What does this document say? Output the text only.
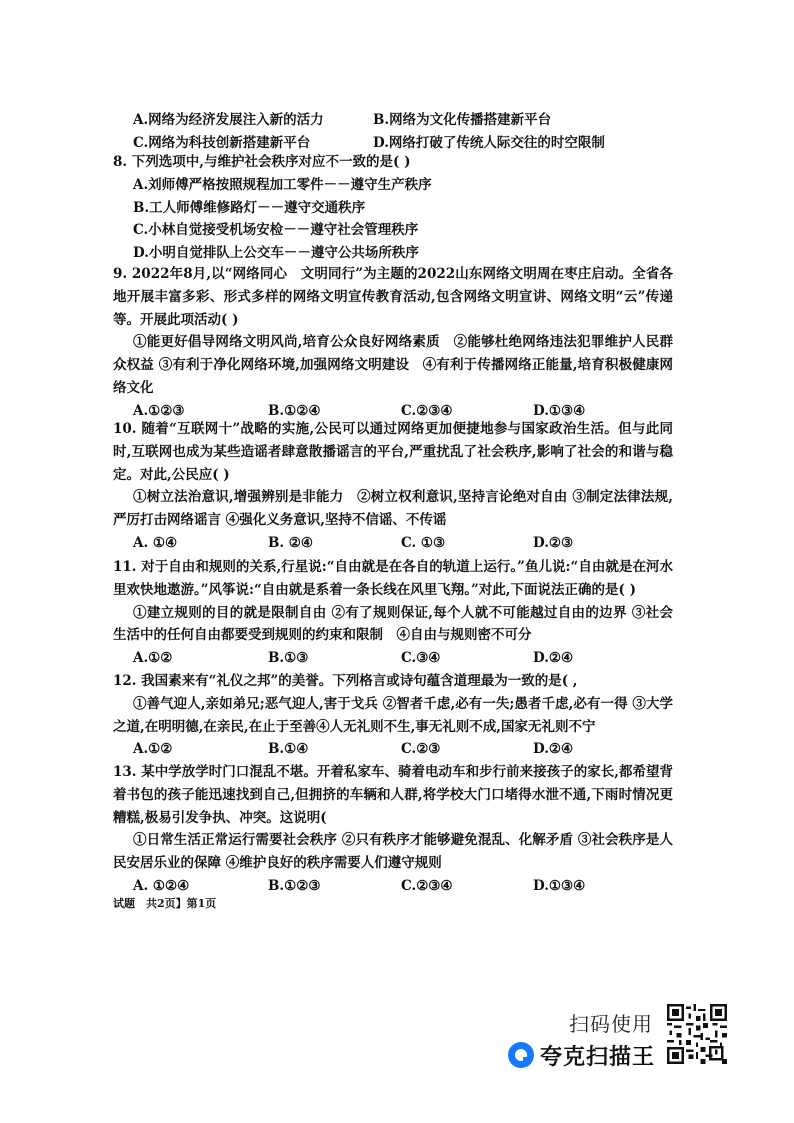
A.网络为经济发展注入新的活力	B.网络为文化传播搭建新平台
C.网络为科技创新搭建新平台	D.网络打破了传统人际交往的时空限制

8. 下列选项中,与维护社会秩序对应不一致的是( )

A.刘师傅严格按照规程加工零件－－遵守生产秩序

B.工人师傅维修路灯－－遵守交通秩序

C.小林自觉接受机场安检－－遵守社会管理秩序

D.小明自觉排队上公交车－－遵守公共场所秩序

9. 2022年8月,以“网络同心　文明同行”为主题的2022山东网络文明周在枣庄启动。全省各地开展丰富多彩、形式多样的网络文明宣传教育活动,包含网络文明宣讲、网络文明“云”传递等。开展此项活动( )

①能更好倡导网络文明风尚,培育公众良好网络素质　②能够杜绝网络违法犯罪维护人民群众权益 ③有利于净化网络环境,加强网络文明建设　④有利于传播网络正能量,培育积极健康网络文化

A.①②③	B.①②④	C.②③④	D.①③④

10. 随着“互联网十”战略的实施,公民可以通过网络更加便捷地参与国家政治生活。但与此同时,互联网也成为某些造谣者肆意散播谣言的平台,严重扰乱了社会秩序,影响了社会的和谐与稳定。对此,公民应( )

①树立法治意识,增强辨别是非能力　②树立权利意识,坚持言论绝对自由 ③制定法律法规,严厉打击网络谣言 ④强化义务意识,坚持不信谣、不传谣

A. ①④	B. ②④	C. ①③	D.②③

11. 对于自由和规则的关系,行星说:“自由就是在各自的轨道上运行。”鱼儿说:“自由就是在河水里欢快地遨游。”风筝说:“自由就是系着一条长线在风里飞翔。”对此,下面说法正确的是( )

①建立规则的目的就是限制自由 ②有了规则保证,每个人就不可能越过自由的边界 ③社会生活中的任何自由都要受到规则的约束和限制　④自由与规则密不可分

A.①②	B.①③	C.③④	D.②④

12. 我国素来有“礼仪之邦”的美誉。下列格言或诗句蕴含道理最为一致的是( ,

①善气迎人,亲如弟兄;恶气迎人,害于戈兵 ②智者千虑,必有一失;愚者千虑,必有一得 ③大学之道,在明明德,在亲民,在止于至善④人无礼则不生,事无礼则不成,国家无礼则不宁

A.①②	B.①④	C.②③	D.②④

13. 某中学放学时门口混乱不堪。开着私家车、骑着电动车和步行前来接孩子的家长,都希望背着书包的孩子能迅速找到自己,但拥挤的车辆和人群,将学校大门口堵得水泄不通,下雨时情况更糟糕,极易引发争执、冲突。这说明(

①日常生活正常运行需要社会秩序 ②只有秩序才能够避免混乱、化解矛盾 ③社会秩序是人民安居乐业的保障 ④维护良好的秩序需要人们遵守规则

A. ①②④	B.①②③	C.②③④	D.①③④
试题　共2页】第1页
扫码使用
夸克扫描王
